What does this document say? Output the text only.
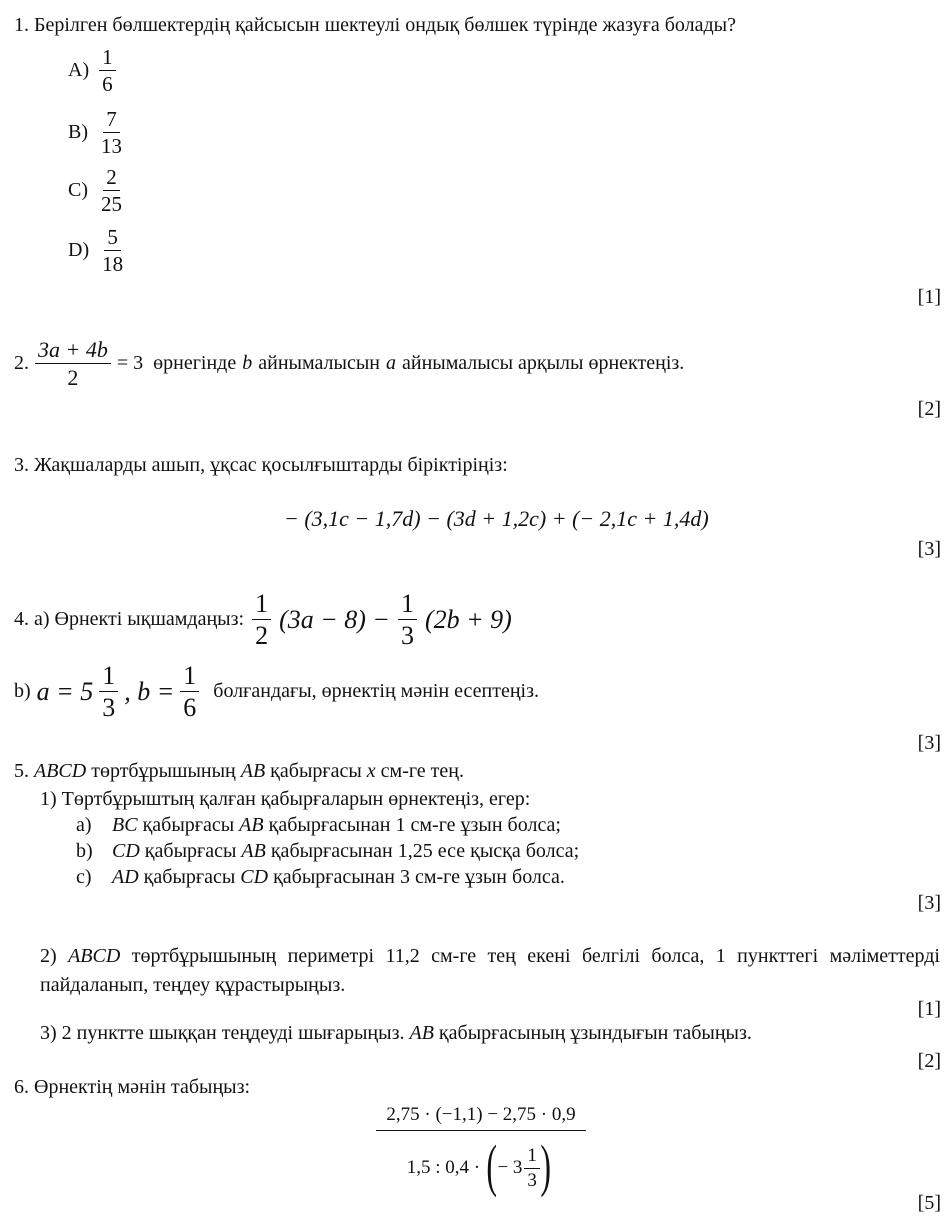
1. Берілген бөлшектердің қайсысын шектеулі ондық бөлшек түрінде жазуға болады?
$A) \frac{1}{6}$
$B) \frac{7}{13}$
$C) \frac{2}{25}$
$D) \frac{5}{18}$
[1]
2. $\frac{3a + 4b}{2} = 3$ өрнегінде b айнымалысын a айнымалысы арқылы өрнектеңіз.
[2]
3. Жақшаларды ашып, ұқсас қосылғыштарды біріктіріңіз:
− (3,1c − 1,7d) − (3d + 1,2c) + (− 2,1c + 1,4d)
[3]
4. а) Өрнекті ықшамдаңыз: $\frac{1}{2} (3a - 8) - \frac{1}{3} (2b + 9)$
b) $a = 5 \frac{1}{3}$ , $b = \frac{1}{6}$ болғандағы, өрнектің мәнін есептеңіз.
[3]
5. ABCD төртбұрышының AB қабырғасы x см-ге тең.
1) Төртбұрыштың қалған қабырғаларын өрнектеңіз, егер:
a) BC қабырғасы AB қабырғасынан 1 см-ге ұзын болса;
b) CD қабырғасы AB қабырғасынан 1,25 есе қысқа болса;
c) AD қабырғасы CD қабырғасынан 3 см-ге ұзын болса.
[3]
2) ABCD төртбұрышының периметрі 11,2 см-ге тең екені белгілі болса, 1 пункттегі мәліметтерді пайдаланып, теңдеу құрастырыңыз.
[1]
3) 2 пунктте шыққан теңдеуді шығарыңыз. AB қабырғасының ұзындығын табыңыз.
[2]
6. Өрнектің мәнін табыңыз:
$\frac{2,75 \cdot (-1,1) - 2,75 \cdot 0,9}{1,5 : 0,4 \cdot ( - 3 \frac{1}{3} )}$
[5]
